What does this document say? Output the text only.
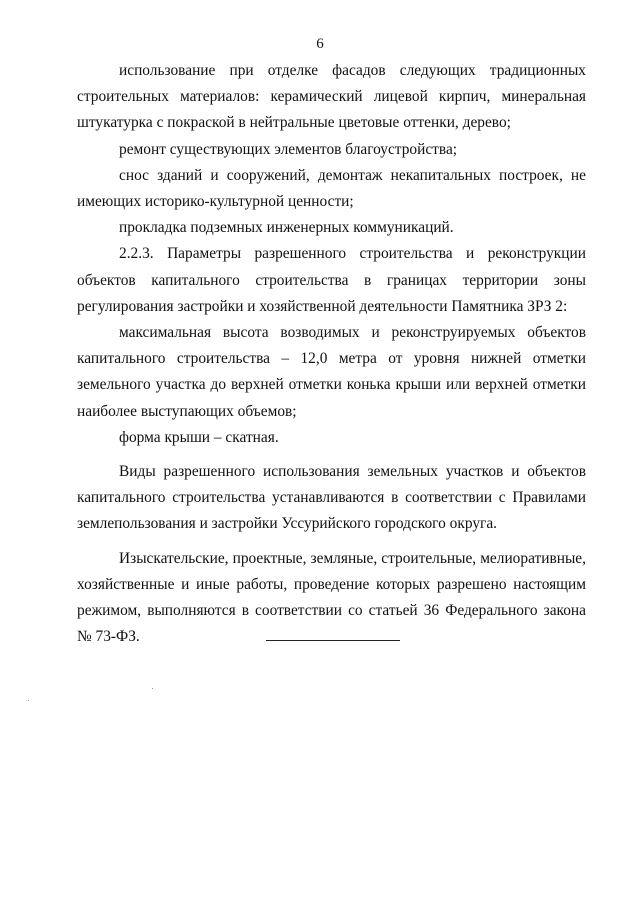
6

использование при отделке фасадов следующих традиционных строительных материалов: керамический лицевой кирпич, минеральная штукатурка с покраской в нейтральные цветовые оттенки, дерево;

ремонт существующих элементов благоустройства;

снос зданий и сооружений, демонтаж некапитальных построек, не имеющих историко-культурной ценности;

прокладка подземных инженерных коммуникаций.

2.2.3. Параметры разрешенного строительства и реконструкции объектов капитального строительства в границах территории зоны регулирования застройки и хозяйственной деятельности Памятника ЗРЗ 2:

максимальная высота возводимых и реконструируемых объектов капитального строительства – 12,0 метра от уровня нижней отметки земельного участка до верхней отметки конька крыши или верхней отметки наиболее выступающих объемов;

форма крыши – скатная.

Виды разрешенного использования земельных участков и объектов капитального строительства устанавливаются в соответствии с Правилами землепользования и застройки Уссурийского городского округа.

Изыскательские, проектные, земляные, строительные, мелиоративные, хозяйственные и иные работы, проведение которых разрешено настоящим режимом, выполняются в соответствии со статьей 36 Федерального закона № 73-ФЗ.
